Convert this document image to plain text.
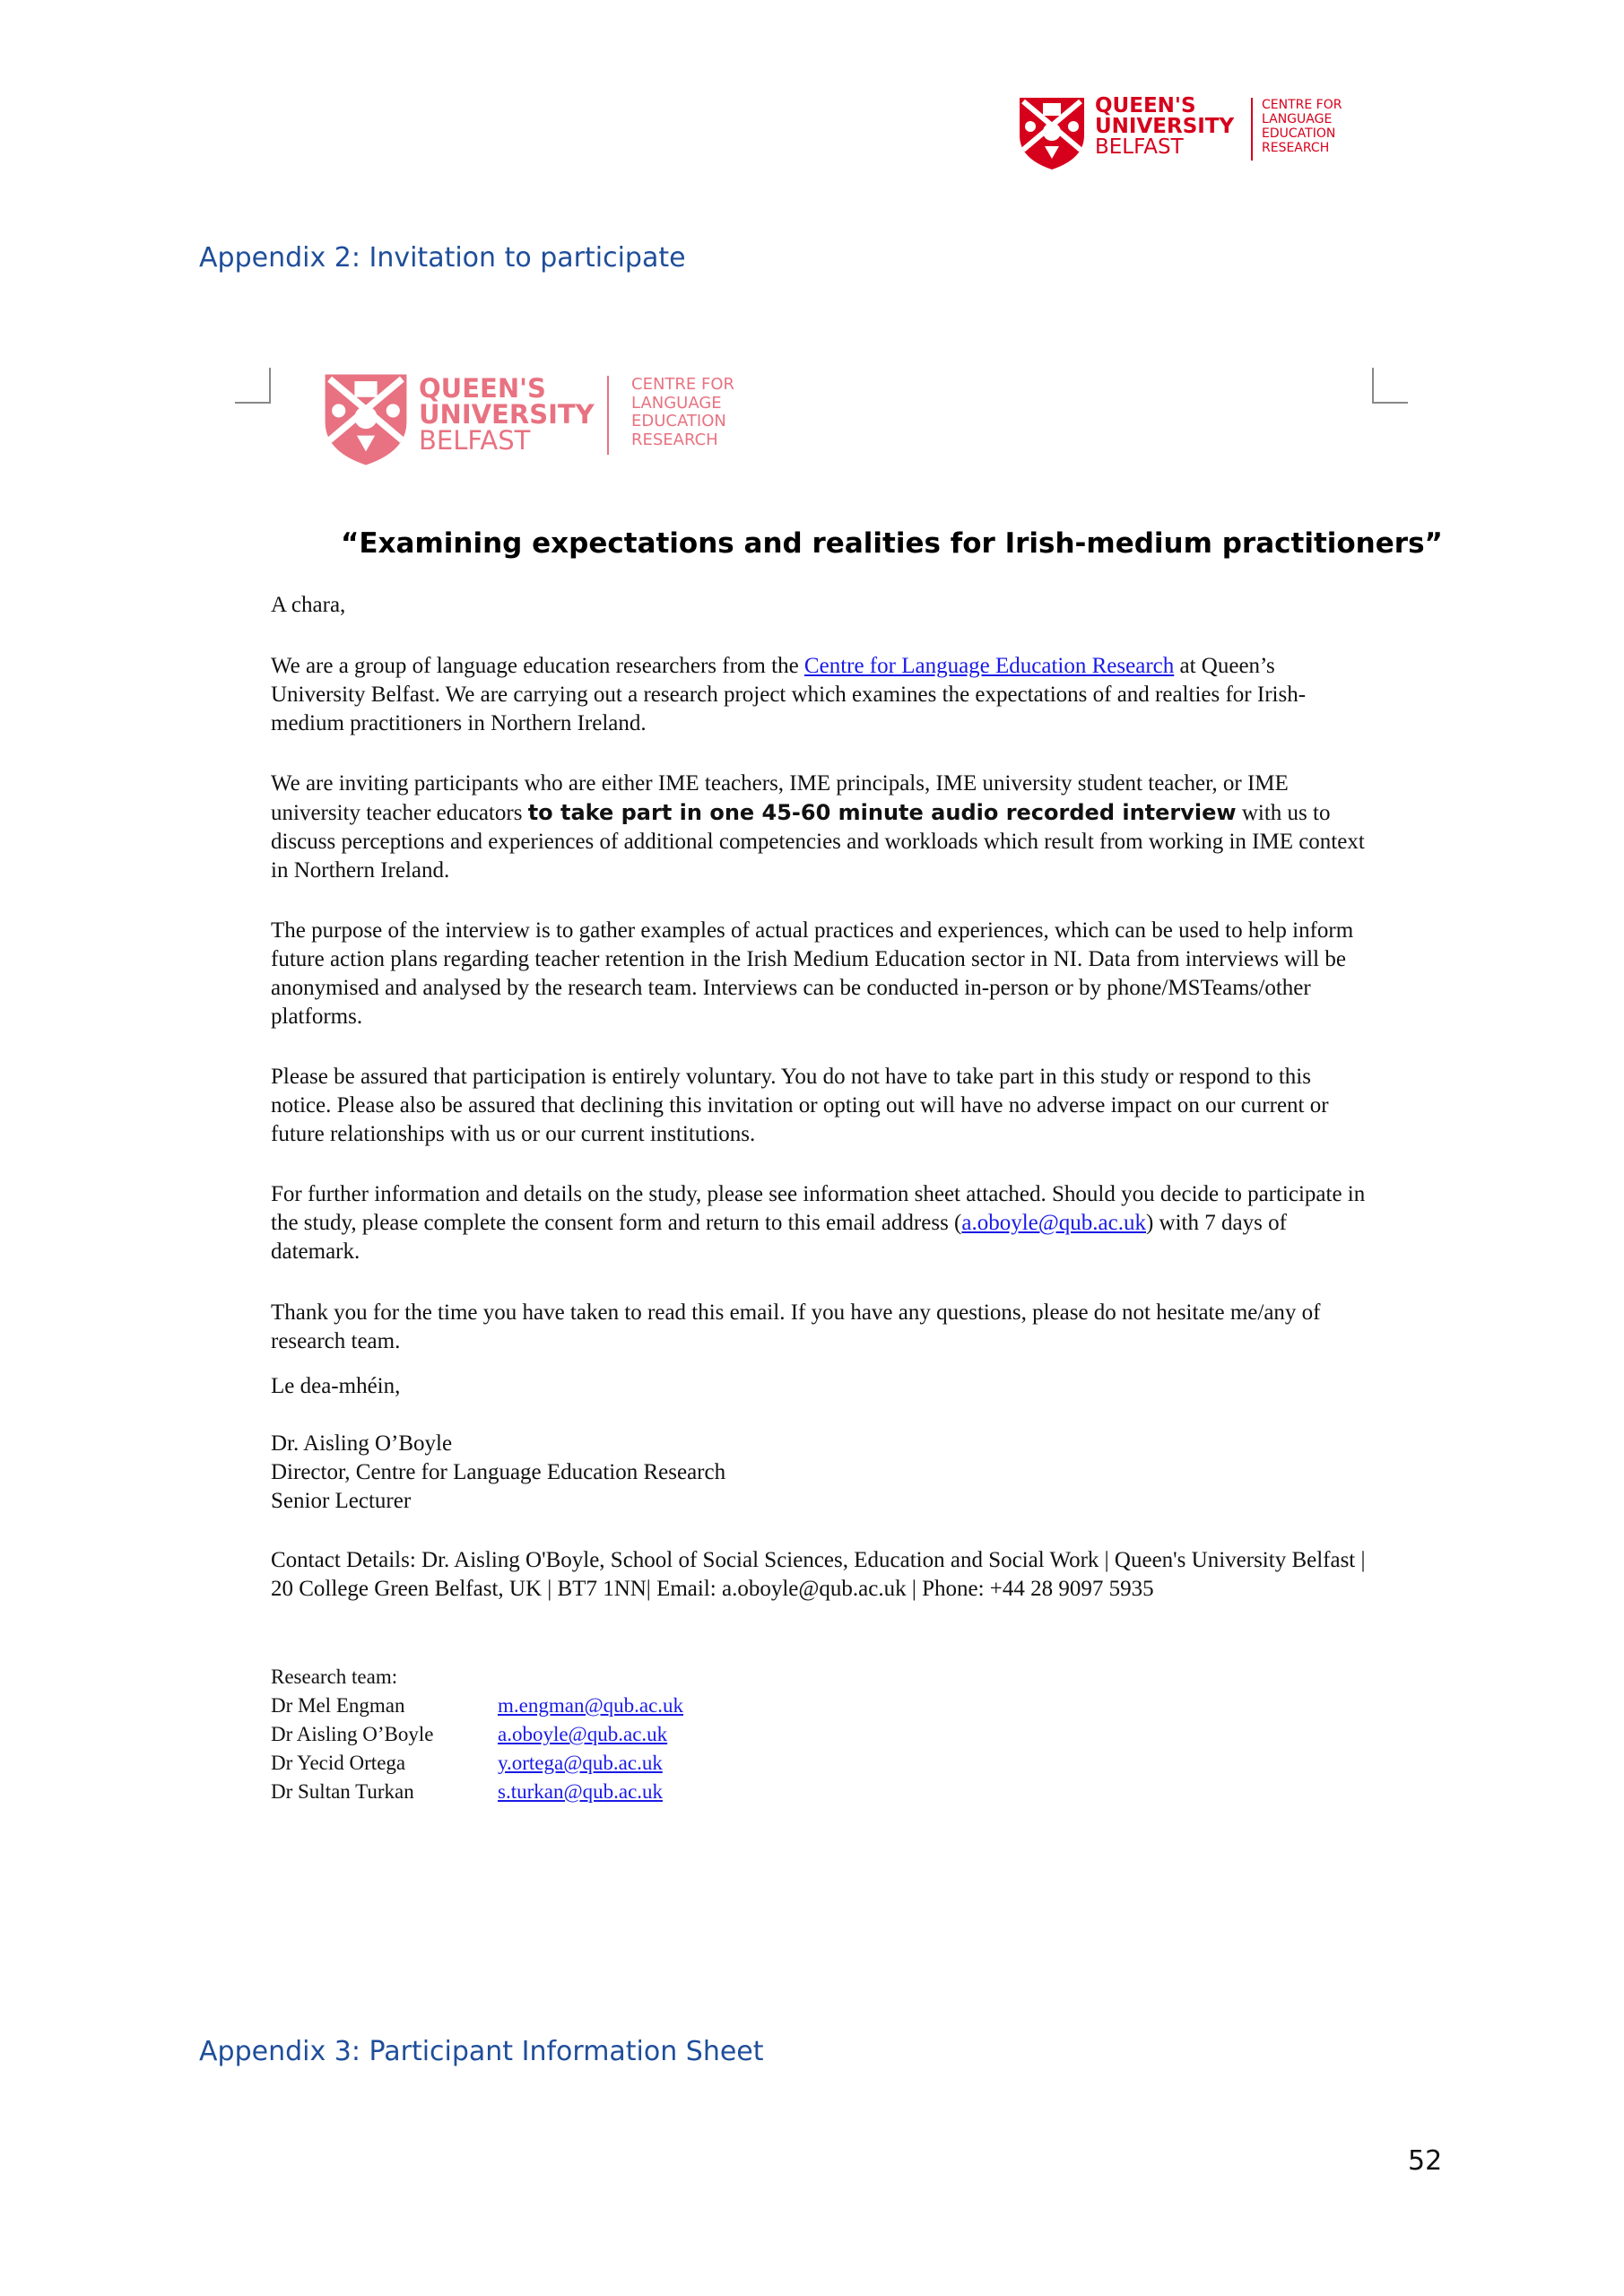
QUEEN'S
UNIVERSITY
BELFAST
CENTRE FOR
LANGUAGE
EDUCATION
RESEARCH
Appendix 2: Invitation to participate
QUEEN'S
UNIVERSITY
BELFAST
CENTRE FOR
LANGUAGE
EDUCATION
RESEARCH
“Examining expectations and realities for Irish-medium practitioners”
A chara,
We are a group of language education researchers from the Centre for Language Education Research at Queen’s University Belfast. We are carrying out a research project which examines the expectations of and realties for Irish-medium practitioners in Northern Ireland.
We are inviting participants who are either IME teachers, IME principals, IME university student teacher, or IME university teacher educators to take part in one 45-60 minute audio recorded interview with us to discuss perceptions and experiences of additional competencies and workloads which result from working in IME context in Northern Ireland.
The purpose of the interview is to gather examples of actual practices and experiences, which can be used to help inform future action plans regarding teacher retention in the Irish Medium Education sector in NI. Data from interviews will be anonymised and analysed by the research team. Interviews can be conducted in-person or by phone/MSTeams/other platforms.
Please be assured that participation is entirely voluntary. You do not have to take part in this study or respond to this notice. Please also be assured that declining this invitation or opting out will have no adverse impact on our current or future relationships with us or our current institutions.
For further information and details on the study, please see information sheet attached. Should you decide to participate in the study, please complete the consent form and return to this email address (a.oboyle@qub.ac.uk) with 7 days of datemark.
Thank you for the time you have taken to read this email. If you have any questions, please do not hesitate me/any of research team.
Le dea-mhéin,
Dr. Aisling O’Boyle
Director, Centre for Language Education Research
Senior Lecturer
Contact Details: Dr. Aisling O'Boyle, School of Social Sciences, Education and Social Work | Queen's University Belfast | 20 College Green Belfast, UK | BT7 1NN| Email: a.oboyle@qub.ac.uk | Phone: +44 28 9097 5935
Research team:
Dr Mel Engman	m.engman@qub.ac.uk
Dr Aisling O’Boyle	a.oboyle@qub.ac.uk
Dr Yecid Ortega	y.ortega@qub.ac.uk
Dr Sultan Turkan	s.turkan@qub.ac.uk
Appendix 3: Participant Information Sheet
52
